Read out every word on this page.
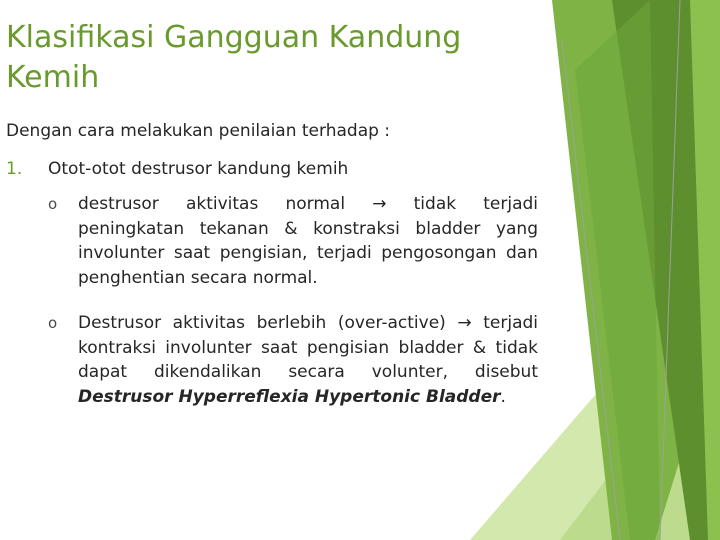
Klasifikasi Gangguan Kandung Kemih

Dengan cara melakukan penilaian terhadap :

1.	Otot-otot destrusor kandung kemih
o	destrusor aktivitas normal → tidak terjadi peningkatan tekanan & konstraksi bladder yang involunter saat pengisian, terjadi pengosongan dan penghentian secara normal.
o	Destrusor aktivitas berlebih (over-active) → terjadi kontraksi involunter saat pengisian bladder & tidak dapat dikendalikan secara volunter, disebut Destrusor Hyperreflexia Hypertonic Bladder.
